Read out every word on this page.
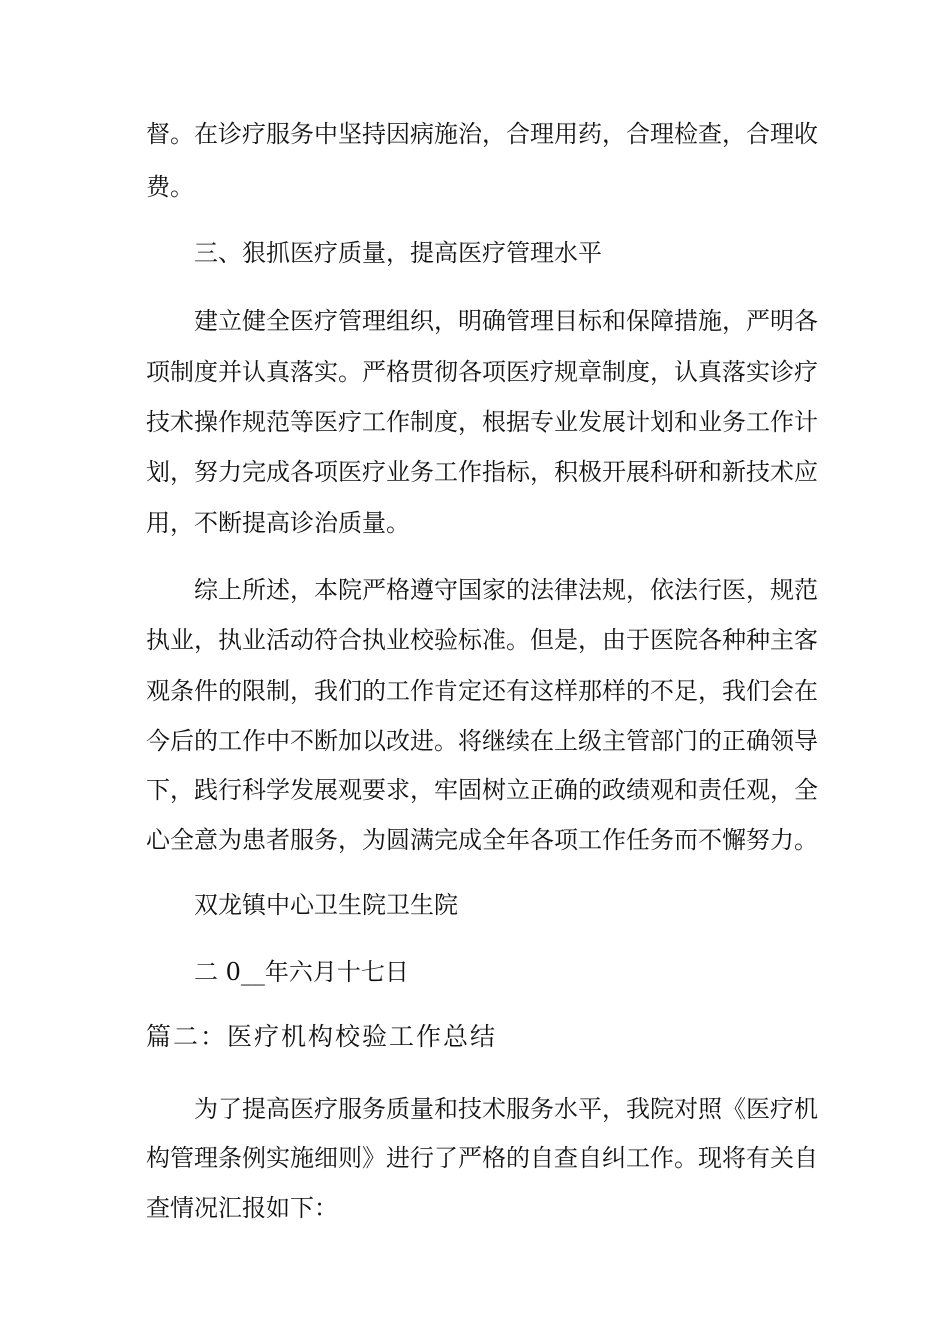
督。在诊疗服务中坚持因病施治，合理用药，合理检查，合理收
费。
三、狠抓医疗质量，提高医疗管理水平
建立健全医疗管理组织，明确管理目标和保障措施，严明各
项制度并认真落实。严格贯彻各项医疗规章制度，认真落实诊疗
技术操作规范等医疗工作制度，根据专业发展计划和业务工作计
划，努力完成各项医疗业务工作指标，积极开展科研和新技术应
用，不断提高诊治质量。
综上所述，本院严格遵守国家的法律法规，依法行医，规范
执业，执业活动符合执业校验标准。但是，由于医院各种种主客
观条件的限制，我们的工作肯定还有这样那样的不足，我们会在
今后的工作中不断加以改进。将继续在上级主管部门的正确领导
下，践行科学发展观要求，牢固树立正确的政绩观和责任观，全
心全意为患者服务，为圆满完成全年各项工作任务而不懈努力。
双龙镇中心卫生院卫生院
二 0__年六月十七日
篇二：医疗机构校验工作总结
为了提高医疗服务质量和技术服务水平，我院对照《医疗机
构管理条例实施细则》进行了严格的自查自纠工作。现将有关自
查情况汇报如下：
